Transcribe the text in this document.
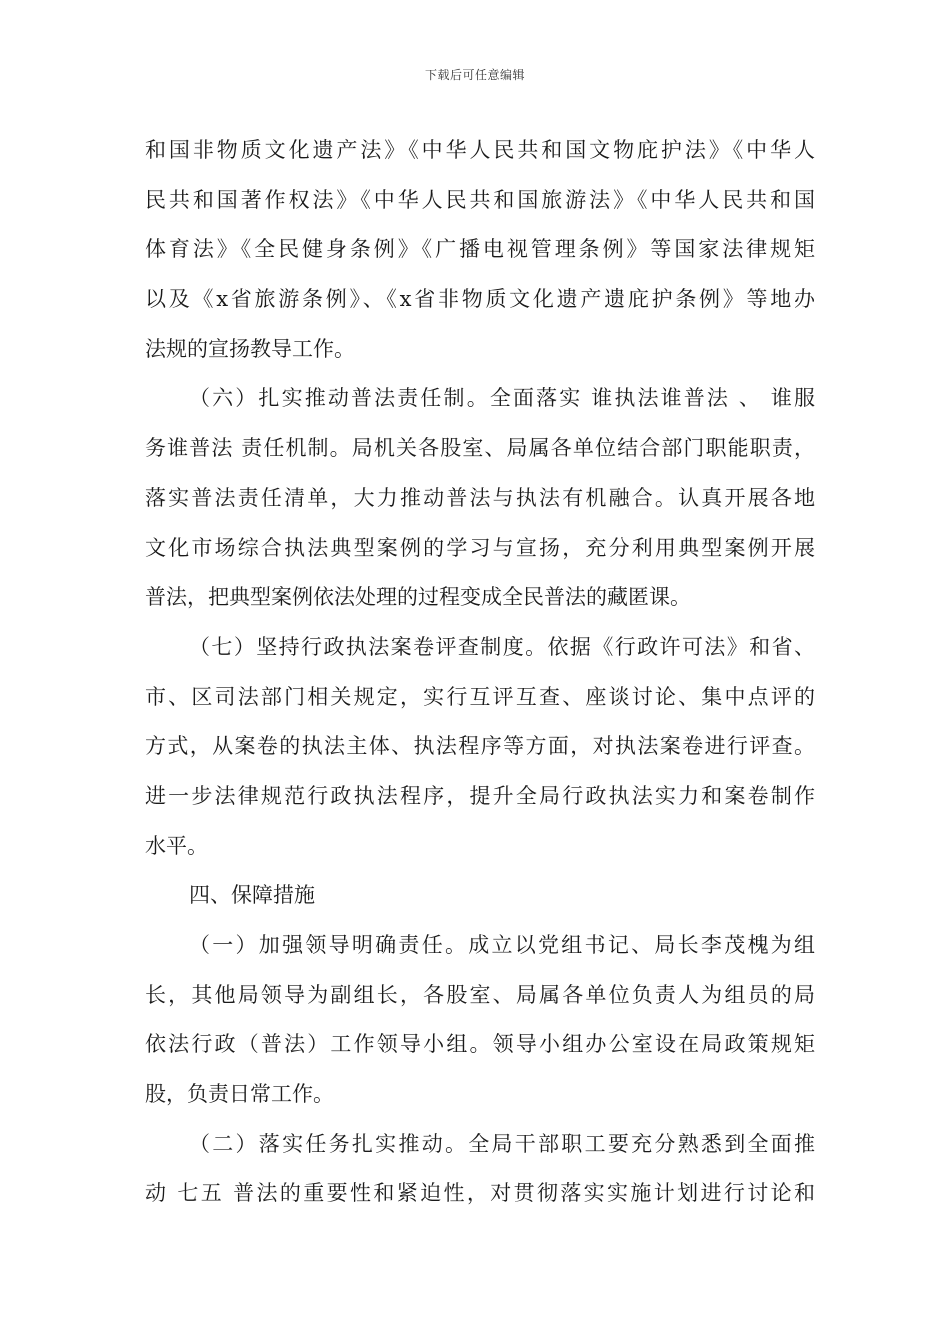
下载后可任意编辑
和国非物质文化遗产法》《中华人民共和国文物庇护法》《中华人
民共和国著作权法》《中华人民共和国旅游法》《中华人民共和国
体育法》《全民健身条例》《广播电视管理条例》等国家法律规矩
以及《x省旅游条例》、《x省非物质文化遗产遗庇护条例》等地办
法规的宣扬教导工作。
（六）扎实推动普法责任制。全面落实 谁执法谁普法 、 谁服
务谁普法 责任机制。局机关各股室、局属各单位结合部门职能职责，
落实普法责任清单，大力推动普法与执法有机融合。认真开展各地
文化市场综合执法典型案例的学习与宣扬，充分利用典型案例开展
普法，把典型案例依法处理的过程变成全民普法的藏匿课。
（七）坚持行政执法案卷评查制度。依据《行政许可法》和省、
市、区司法部门相关规定，实行互评互查、座谈讨论、集中点评的
方式，从案卷的执法主体、执法程序等方面，对执法案卷进行评查。
进一步法律规范行政执法程序，提升全局行政执法实力和案卷制作
水平。
四、保障措施
（一）加强领导明确责任。成立以党组书记、局长李茂槐为组
长，其他局领导为副组长，各股室、局属各单位负责人为组员的局
依法行政（普法）工作领导小组。领导小组办公室设在局政策规矩
股，负责日常工作。
（二）落实任务扎实推动。全局干部职工要充分熟悉到全面推
动 七五 普法的重要性和紧迫性，对贯彻落实实施计划进行讨论和
